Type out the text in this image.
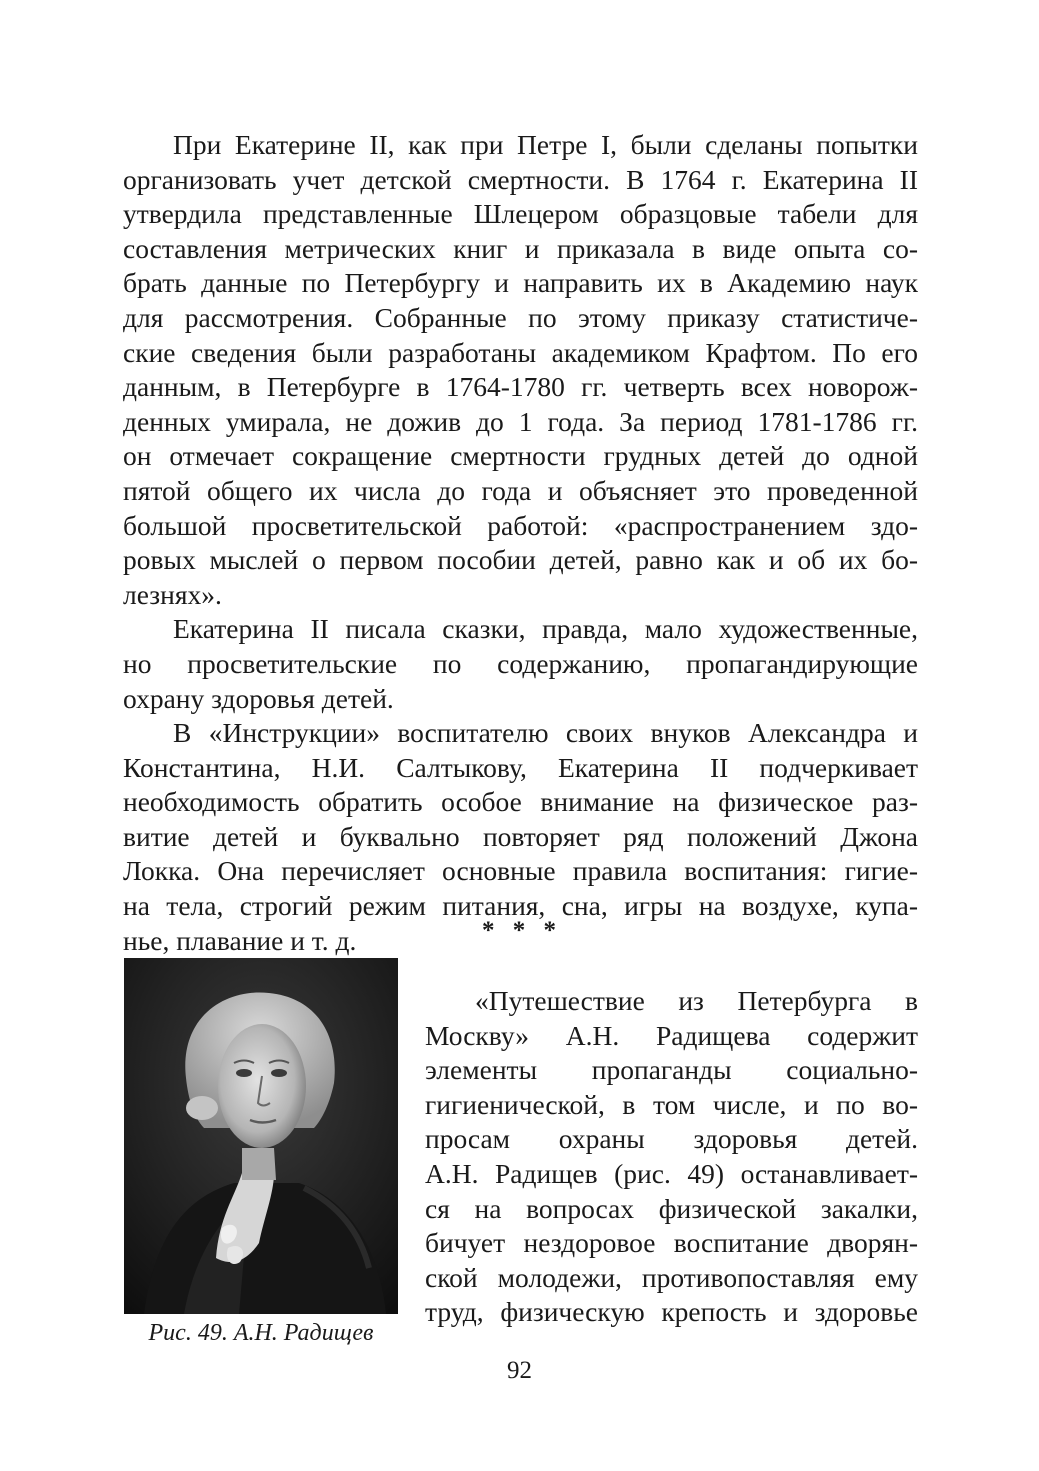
При Екатерине II, как при Петре I, были сделаны попытки
организовать учет детской смертности. В 1764 г. Екатерина II
утвердила представленные Шлецером образцовые табели для
составления метрических книг и приказала в виде опыта со-
брать данные по Петербургу и направить их в Академию наук
для рассмотрения. Собранные по этому приказу статистиче-
ские сведения были разработаны академиком Крафтом. По его
данным, в Петербурге в 1764-1780 гг. четверть всех новорож-
денных умирала, не дожив до 1 года. За период 1781-1786 гг.
он отмечает сокращение смертности грудных детей до одной
пятой общего их числа до года и объясняет это проведенной
большой просветительской работой: «распространением здо-
ровых мыслей о первом пособии детей, равно как и об их бо-
лезнях».
Екатерина II писала сказки, правда, мало художественные,
но просветительские по содержанию, пропагандирующие
охрану здоровья детей.
В «Инструкции» воспитателю своих внуков Александра и
Константина, Н.И. Салтыкову, Екатерина II подчеркивает
необходимость обратить особое внимание на физическое раз-
витие детей и буквально повторяет ряд положений Джона
Локка. Она перечисляет основные правила воспитания: гигие-
на тела, строгий режим питания, сна, игры на воздухе, купа-
нье, плавание и т. д.	* * *
Рис. 49. А.Н. Радищев
«Путешествие из Петербурга в
Москву» А.Н. Радищева содержит
элементы пропаганды социально-
гигиенической, в том числе, и по во-
просам охраны здоровья детей.
А.Н. Радищев (рис. 49) останавливает-
ся на вопросах физической закалки,
бичует нездоровое воспитание дворян-
ской молодежи, противопоставляя ему
труд, физическую крепость и здоровье
92
